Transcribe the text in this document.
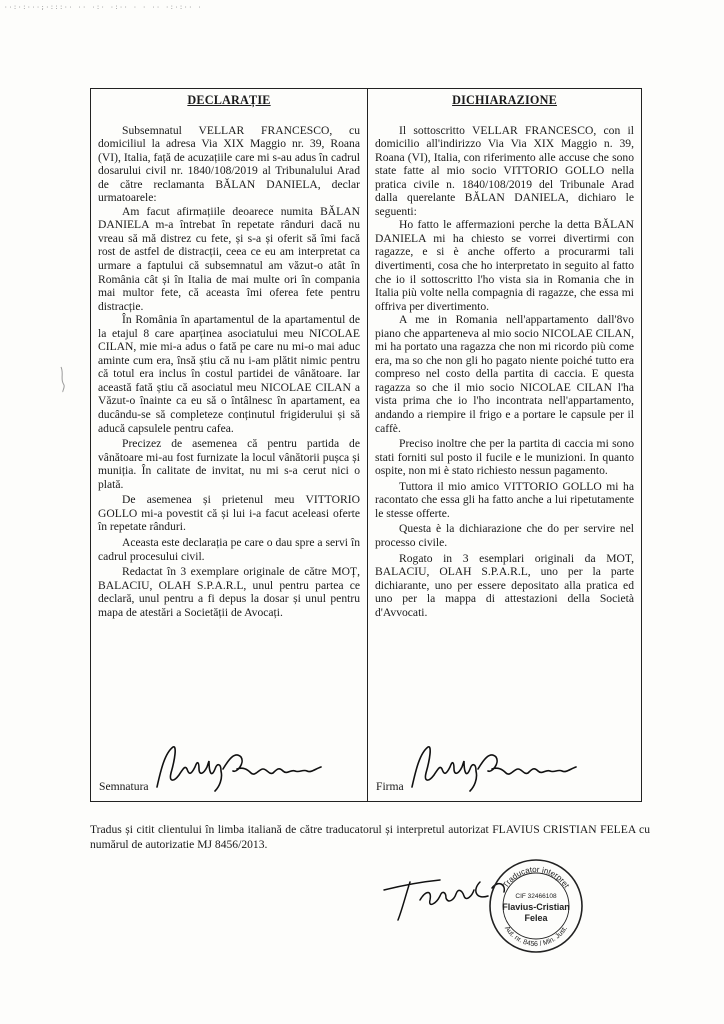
··:·:···;·:::·· ·· ·:· ·:·· · · ·· ·:·:·· ·
DECLARAȚIE

Subsemnatul VELLAR FRANCESCO, cu domiciliul la adresa Via XIX Maggio nr. 39, Roana (VI), Italia, față de acuzațiile care mi s-au adus în cadrul dosarului civil nr. 1840/108/2019 al Tribunalului Arad de către reclamanta BĂLAN DANIELA, declar urmatoarele:

Am facut afirmațiile deoarece numita BĂLAN DANIELA m-a întrebat în repetate rânduri dacă nu vreau să mă distrez cu fete, și s-a și oferit să îmi facă rost de astfel de distracții, ceea ce eu am interpretat ca urmare a faptului că subsemnatul am văzut-o atât în România cât și în Italia de mai multe ori în compania mai multor fete, că aceasta îmi oferea fete pentru distracție.

În România în apartamentul de la apartamentul de la etajul 8 care aparținea asociatului meu NICOLAE CILAN, mie mi-a adus o fată pe care nu mi-o mai aduc aminte cum era, însă știu că nu i-am plătit nimic pentru că totul era inclus în costul partidei de vânătoare. Iar această fată știu că asociatul meu NICOLAE CILAN a Văzut-o înainte ca eu să o întâlnesc în apartament, ea ducându-se să completeze conținutul frigiderului și să aducă capsulele pentru cafea.

Precizez de asemenea că pentru partida de vânătoare mi-au fost furnizate la locul vânătorii pușca și muniția. În calitate de invitat, nu mi s-a cerut nici o plată.

De asemenea și prietenul meu VITTORIO GOLLO mi-a povestit că și lui i-a facut aceleasi oferte în repetate rânduri.

Aceasta este declarația pe care o dau spre a servi în cadrul procesului civil.

Redactat în 3 exemplare originale de către MOȚ, BALACIU, OLAH S.P.A.R.L, unul pentru partea ce declară, unul pentru a fi depus la dosar și unul pentru mapa de atestări a Societății de Avocați.

Semnatura
DICHIARAZIONE

Il sottoscritto VELLAR FRANCESCO, con il domicilio all'indirizzo Via Via XIX Maggio n. 39, Roana (VI), Italia, con riferimento alle accuse che sono state fatte al mio socio VITTORIO GOLLO nella pratica civile n. 1840/108/2019 del Tribunale Arad dalla querelante BĂLAN DANIELA, dichiaro le seguenti:

Ho fatto le affermazioni perche la detta BĂLAN DANIELA mi ha chiesto se vorrei divertirmi con ragazze, e si è anche offerto a procurarmi tali divertimenti, cosa che ho interpretato in seguito al fatto che io il sottoscritto l'ho vista sia in Romania che in Italia più volte nella compagnia di ragazze, che essa mi offriva per divertimento.

A me in Romania nell'appartamento dall'8vo piano che apparteneva al mio socio NICOLAE CILAN, mi ha portato una ragazza che non mi ricordo più come era, ma so che non gli ho pagato niente poiché tutto era compreso nel costo della partita di caccia. E questa ragazza so che il mio socio NICOLAE CILAN l'ha vista prima che io l'ho incontrata nell'appartamento, andando a riempire il frigo e a portare le capsule per il caffè.

Preciso inoltre che per la partita di caccia mi sono stati forniti sul posto il fucile e le munizioni. In quanto ospite, non mi è stato richiesto nessun pagamento.

Tuttora il mio amico VITTORIO GOLLO mi ha racontato che essa gli ha fatto anche a lui ripetutamente le stesse offerte.

Questa è la dichiarazione che do per servire nel processo civile.

Rogato in 3 esemplari originali da MOT, BALACIU, OLAH S.P.A.R.L, uno per la parte dichiarante, uno per essere depositato alla pratica ed uno per la mappa di attestazioni della Società d'Avvocati.

Firma
Tradus și citit clientului în limba italiană de către traducatorul și interpretul autorizat FLAVIUS CRISTIAN FELEA cu numărul de autorizatie MJ 8456/2013.
Traducator interpret
CIF 32466108
Flavius-Cristian
Felea
Aut. nr. 8456 / Min. Just.
